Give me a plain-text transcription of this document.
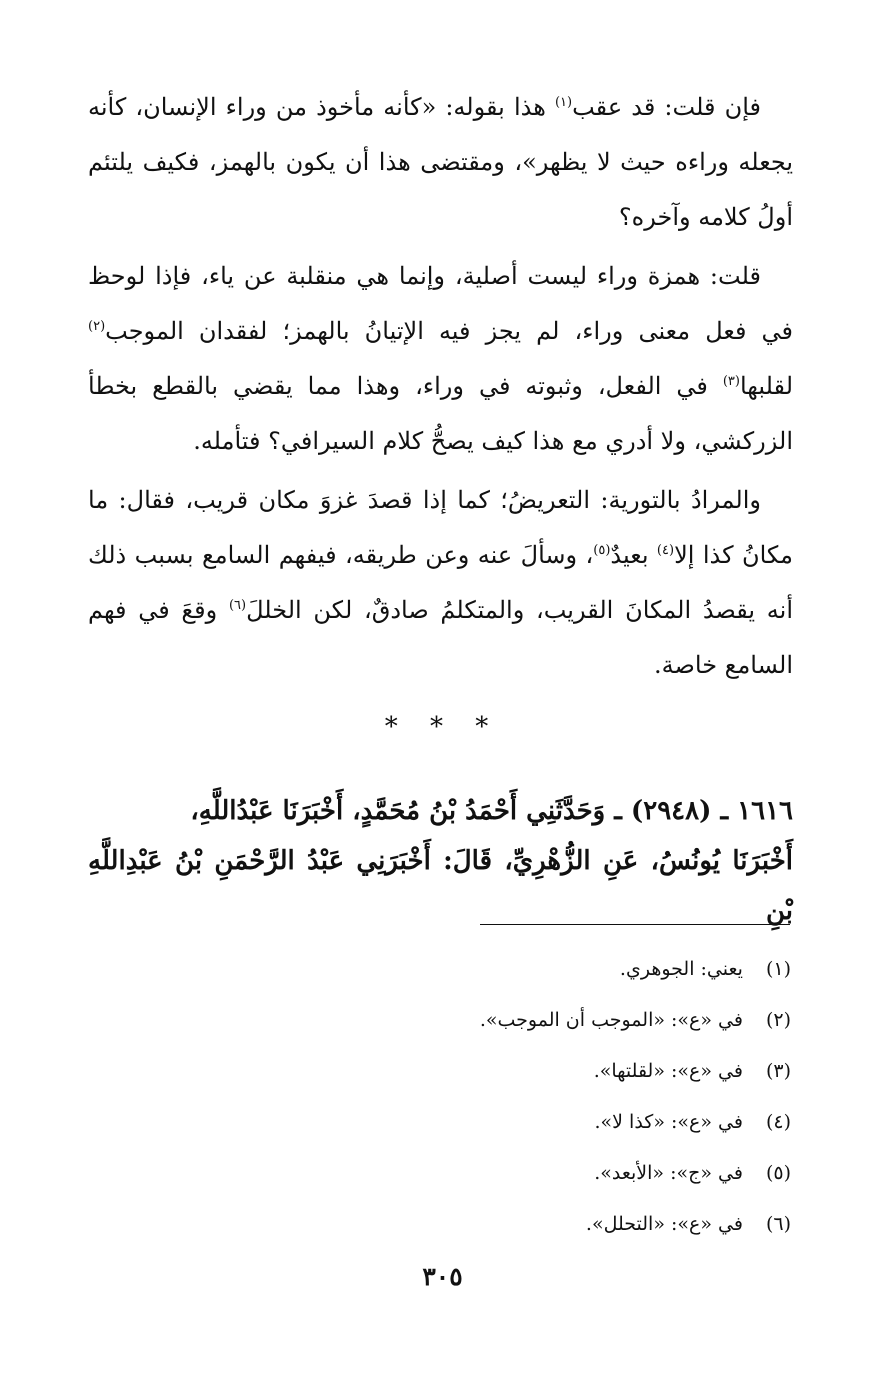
فإن قلت: قد عقب$^{(١)}$ هذا بقوله: «كأنه مأخوذ من وراء الإنسان، كأنه يجعله وراءه حيث لا يظهر»، ومقتضى هذا أن يكون بالهمز، فكيف يلتئم أولُ كلامه وآخره؟

قلت: همزة وراء ليست أصلية، وإنما هي منقلبة عن ياء، فإذا لوحظ في فعل معنى وراء، لم يجز فيه الإتيانُ بالهمز؛ لفقدان الموجب$^{(٢)}$ لقلبها$^{(٣)}$ في الفعل، وثبوته في وراء، وهذا مما يقضي بالقطع بخطأ الزركشي، ولا أدري مع هذا كيف يصحُّ كلام السيرافي؟ فتأمله.

والمرادُ بالتورية: التعريضُ؛ كما إذا قصدَ غزوَ مكان قريب، فقال: ما مكانُ كذا إلا$^{(٤)}$ بعيدٌ$^{(٥)}$، وسألَ عنه وعن طريقه، فيفهم السامع بسبب ذلك أنه يقصدُ المكانَ القريب، والمتكلمُ صادقٌ، لكن الخللَ$^{(٦)}$ وقعَ في فهم السامع خاصة.

* * *
١٦١٦ ـ (٢٩٤٨) ـ وَحَدَّثَنِي أَحْمَدُ بْنُ مُحَمَّدٍ، أَخْبَرَنَا عَبْدُاللَّهِ،
أَخْبَرَنَا يُونُسُ، عَنِ الزُّهْرِيِّ، قَالَ: أَخْبَرَنِي عَبْدُ الرَّحْمَنِ بْنُ عَبْدِاللَّهِ بْنِ
(١) يعني: الجوهري.
(٢) في «ع»: «الموجب أن الموجب».
(٣) في «ع»: «لقلتها».
(٤) في «ع»: «كذا لا».
(٥) في «ج»: «الأبعد».
(٦) في «ع»: «التحلل».
٣٠٥
